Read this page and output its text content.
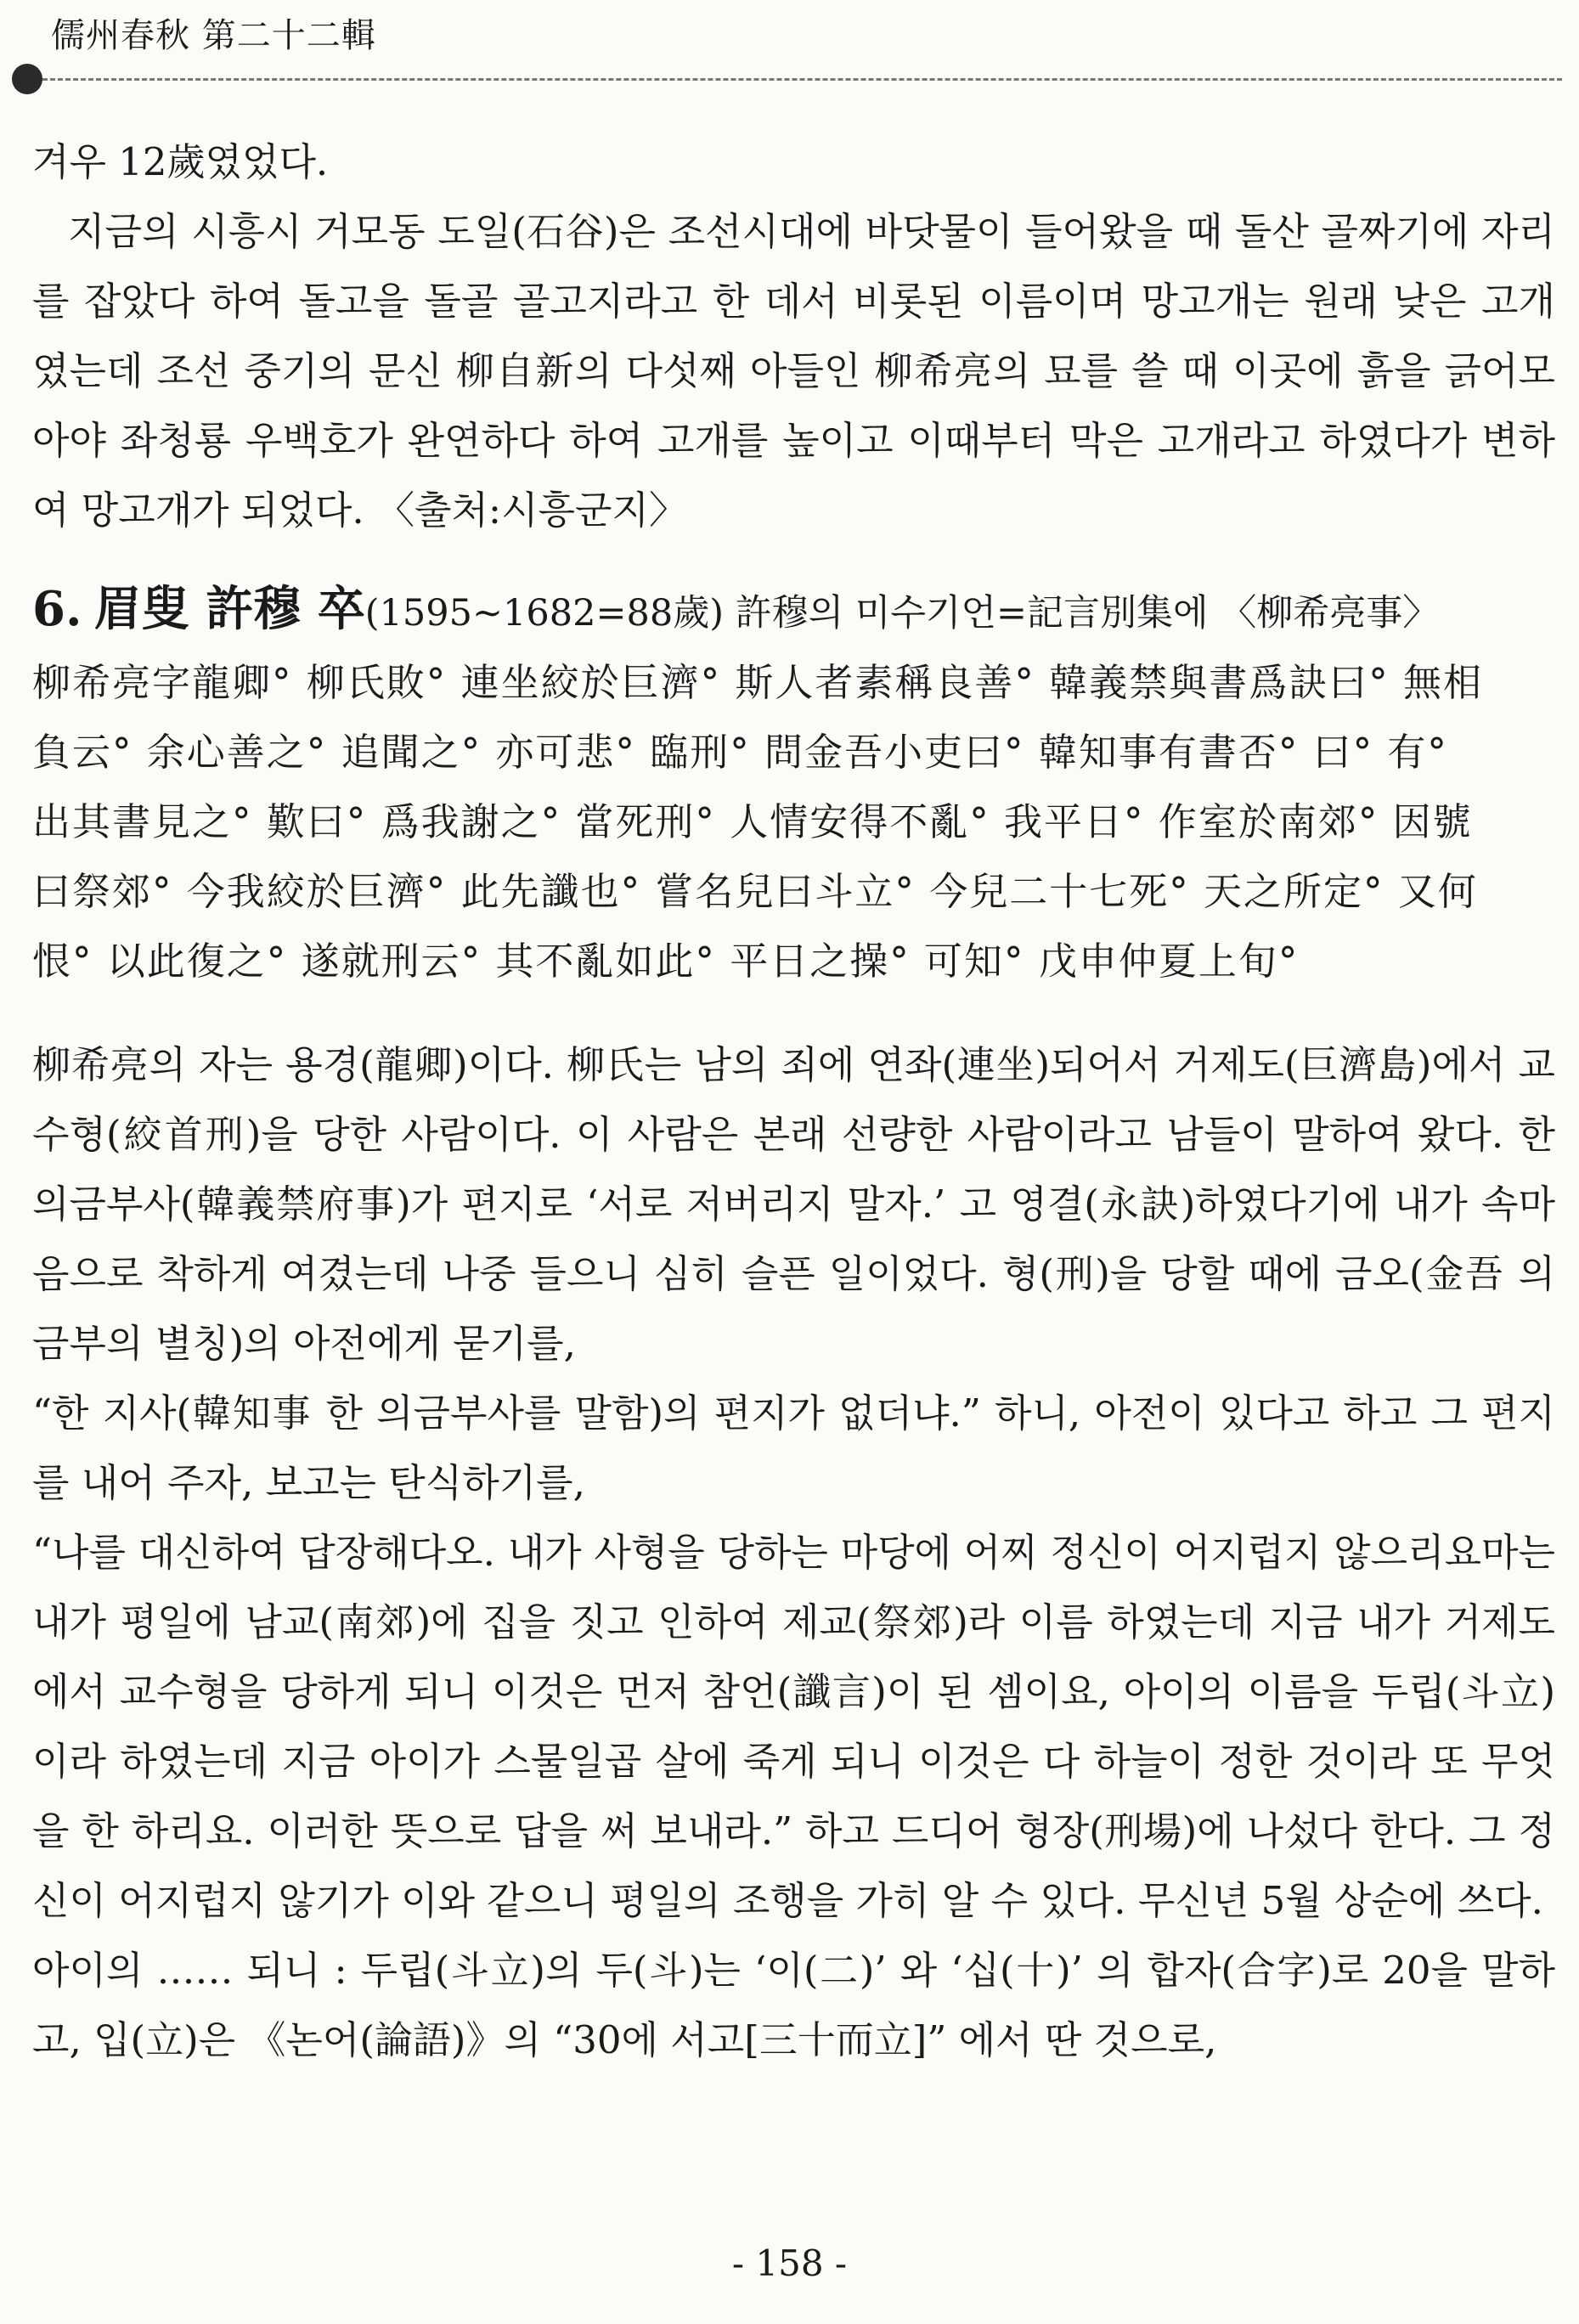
儒州春秋 第二十二輯

겨우 12歲였었다.

지금의 시흥시 거모동 도일(石谷)은 조선시대에 바닷물이 들어왔을 때 돌산 골짜기에 자리를 잡았다 하여 돌고을 돌골 골고지라고 한 데서 비롯된 이름이며 망고개는 원래 낮은 고개였는데 조선 중기의 문신 柳自新의 다섯째 아들인 柳希亮의 묘를 쓸 때 이곳에 흙을 긁어모아야 좌청룡 우백호가 완연하다 하여 고개를 높이고 이때부터 막은 고개라고 하였다가 변하여 망고개가 되었다. 〈출처:시흥군지〉

6. 眉叟 許穆 卒(1595~1682=88歲) 許穆의 미수기언=記言別集에 〈柳希亮事〉

柳希亮字龍卿° 柳氏敗° 連坐絞於巨濟° 斯人者素稱良善° 韓義禁與書爲訣曰° 無相

負云° 余心善之° 追聞之° 亦可悲° 臨刑° 問金吾小吏曰° 韓知事有書否° 曰° 有°

出其書見之° 歎曰° 爲我謝之° 當死刑° 人情安得不亂° 我平日° 作室於南郊° 因號

曰祭郊° 今我絞於巨濟° 此先讖也° 嘗名兒曰斗立° 今兒二十七死° 天之所定° 又何

恨° 以此復之° 遂就刑云° 其不亂如此° 平日之操° 可知° 戊申仲夏上旬°

柳希亮의 자는 용경(龍卿)이다. 柳氏는 남의 죄에 연좌(連坐)되어서 거제도(巨濟島)에서 교수형(絞首刑)을 당한 사람이다. 이 사람은 본래 선량한 사람이라고 남들이 말하여 왔다. 한 의금부사(韓義禁府事)가 편지로 ‘서로 저버리지 말자.’ 고 영결(永訣)하였다기에 내가 속마음으로 착하게 여겼는데 나중 들으니 심히 슬픈 일이었다. 형(刑)을 당할 때에 금오(金吾 의금부의 별칭)의 아전에게 묻기를,

“한 지사(韓知事 한 의금부사를 말함)의 편지가 없더냐.” 하니, 아전이 있다고 하고 그 편지를 내어 주자, 보고는 탄식하기를,

“나를 대신하여 답장해다오. 내가 사형을 당하는 마당에 어찌 정신이 어지럽지 않으리요마는 내가 평일에 남교(南郊)에 집을 짓고 인하여 제교(祭郊)라 이름 하였는데 지금 내가 거제도에서 교수형을 당하게 되니 이것은 먼저 참언(讖言)이 된 셈이요, 아이의 이름을 두립(斗立)이라 하였는데 지금 아이가 스물일곱 살에 죽게 되니 이것은 다 하늘이 정한 것이라 또 무엇을 한 하리요. 이러한 뜻으로 답을 써 보내라.” 하고 드디어 형장(刑場)에 나섰다 한다. 그 정신이 어지럽지 않기가 이와 같으니 평일의 조행을 가히 알 수 있다. 무신년 5월 상순에 쓰다.

아이의 …… 되니 : 두립(斗立)의 두(斗)는 ‘이(二)’ 와 ‘십(十)’ 의 합자(合字)로 20을 말하고, 입(立)은 《논어(論語)》의 “30에 서고[三十而立]” 에서 딴 것으로,

- 158 -
